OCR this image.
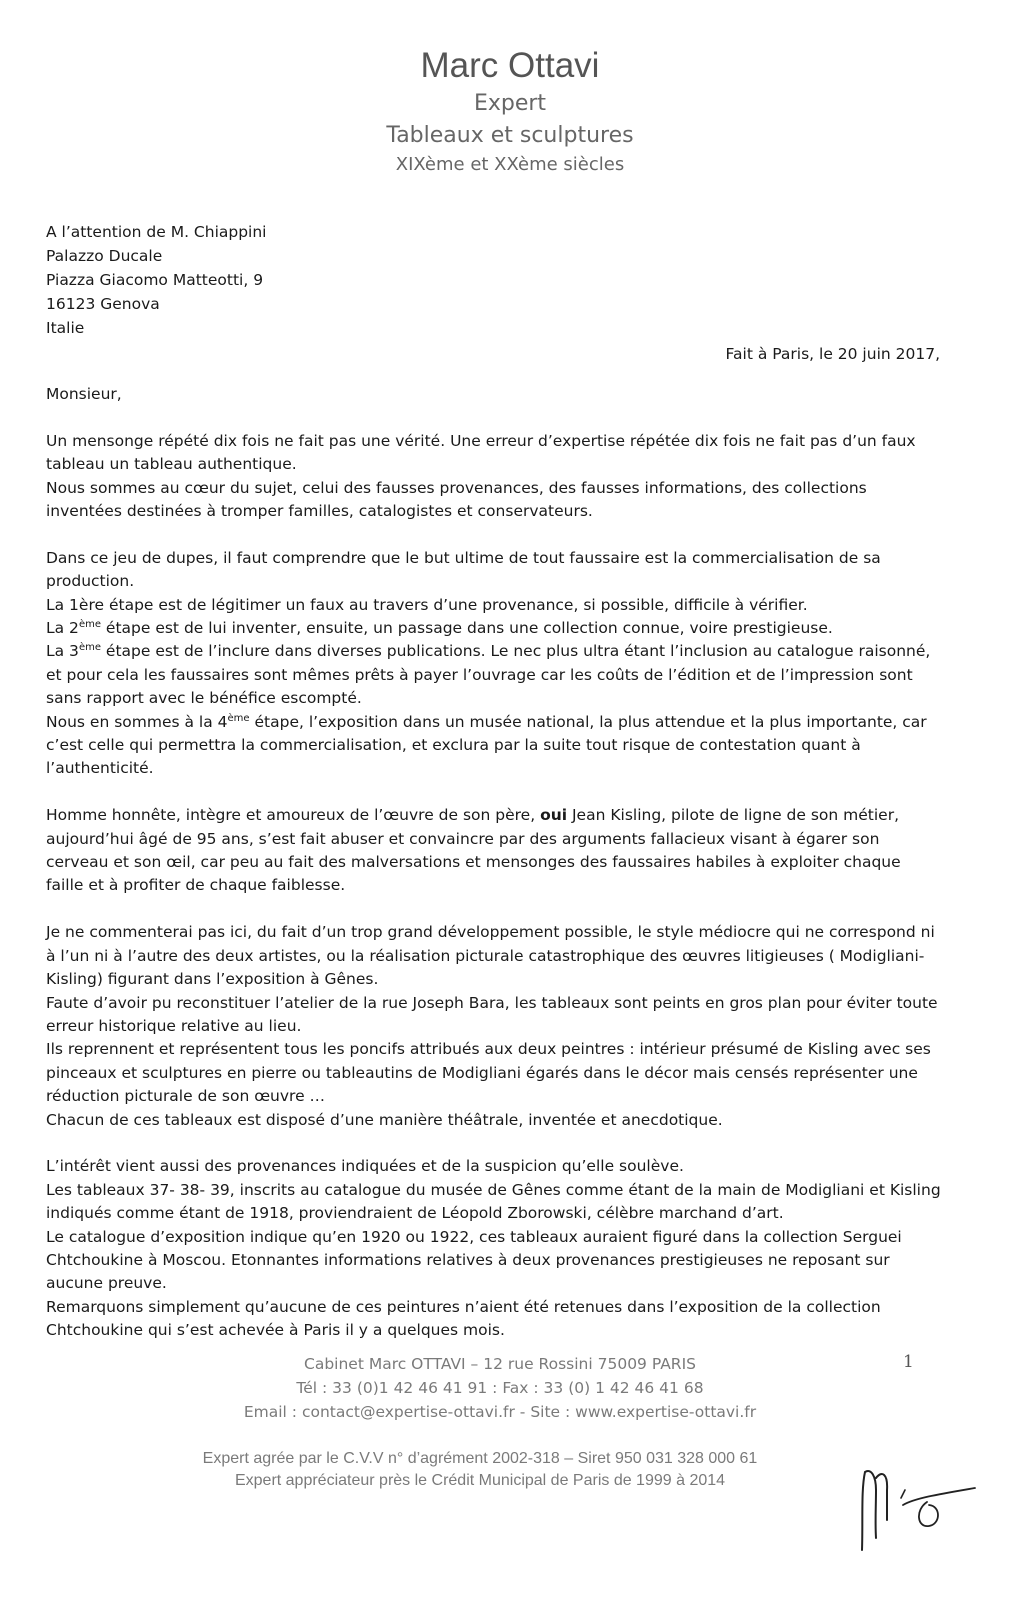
Marc Ottavi
Expert
Tableaux et sculptures
XIXème et XXème siècles
A l’attention de M. Chiappini
Palazzo Ducale
Piazza Giacomo Matteotti, 9
16123 Genova
Italie
Fait à Paris, le 20 juin 2017,

Monsieur,

Un mensonge répété dix fois ne fait pas une vérité. Une erreur d’expertise répétée dix fois ne fait pas d’un faux tableau un tableau authentique.

Nous sommes au cœur du sujet, celui des fausses provenances, des fausses informations, des collections inventées destinées à tromper familles, catalogistes et conservateurs.

Dans ce jeu de dupes, il faut comprendre que le but ultime de tout faussaire est la commercialisation de sa production.

La 1ère étape est de légitimer un faux au travers d’une provenance, si possible, difficile à vérifier.

La 2ème étape est de lui inventer, ensuite, un passage dans une collection connue, voire prestigieuse.

La 3ème étape est de l’inclure dans diverses publications. Le nec plus ultra étant l’inclusion au catalogue raisonné, et pour cela les faussaires sont mêmes prêts à payer l’ouvrage car les coûts de l’édition et de l’impression sont sans rapport avec le bénéfice escompté.

Nous en sommes à la 4ème étape, l’exposition dans un musée national, la plus attendue et la plus importante, car c’est celle qui permettra la commercialisation, et exclura par la suite tout risque de contestation quant à l’authenticité.

Homme honnête, intègre et amoureux de l’œuvre de son père, oui Jean Kisling, pilote de ligne de son métier, aujourd’hui âgé de 95 ans, s’est fait abuser et convaincre par des arguments fallacieux visant à égarer son cerveau et son œil, car peu au fait des malversations et mensonges des faussaires habiles à exploiter chaque faille et à profiter de chaque faiblesse.

Je ne commenterai pas ici, du fait d’un trop grand développement possible, le style médiocre qui ne correspond ni à l’un ni à l’autre des deux artistes, ou la réalisation picturale catastrophique des œuvres litigieuses ( Modigliani-Kisling) figurant dans l’exposition à Gênes.

Faute d’avoir pu reconstituer l’atelier de la rue Joseph Bara, les tableaux sont peints en gros plan pour éviter toute erreur historique relative au lieu.

Ils reprennent et représentent tous les poncifs attribués aux deux peintres : intérieur présumé de Kisling avec ses pinceaux et sculptures en pierre ou tableautins de Modigliani égarés dans le décor mais censés représenter une réduction picturale de son œuvre …

Chacun de ces tableaux est disposé d’une manière théâtrale, inventée et anecdotique.

L’intérêt vient aussi des provenances indiquées et de la suspicion qu’elle soulève.

Les tableaux 37- 38- 39, inscrits au catalogue du musée de Gênes comme étant de la main de Modigliani et Kisling indiqués comme étant de 1918, proviendraient de Léopold Zborowski, célèbre marchand d’art.

Le catalogue d’exposition indique qu’en 1920 ou 1922, ces tableaux auraient figuré dans la collection Serguei Chtchoukine à Moscou. Etonnantes informations relatives à deux provenances prestigieuses ne reposant sur aucune preuve.

Remarquons simplement qu’aucune de ces peintures n’aient été retenues dans l’exposition de la collection Chtchoukine qui s’est achevée à Paris il y a quelques mois.

Cabinet Marc OTTAVI – 12 rue Rossini 75009 PARIS
Tél : 33 (0)1 42 46 41 91 : Fax : 33 (0) 1 42 46 41 68
Email : contact@expertise-ottavi.fr - Site : www.expertise-ottavi.fr
1
Expert agrée par le C.V.V n° d’agrément 2002-318 – Siret 950 031 328 000 61
Expert appréciateur près le Crédit Municipal de Paris de 1999 à 2014
